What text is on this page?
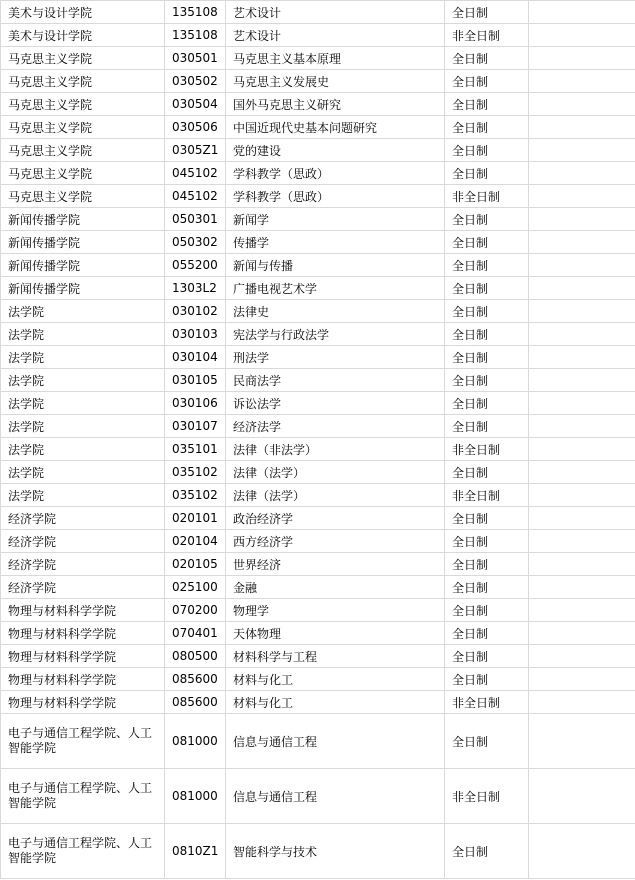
美术与设计学院	135108	艺术设计	全日制	
美术与设计学院	135108	艺术设计	非全日制	
马克思主义学院	030501	马克思主义基本原理	全日制	
马克思主义学院	030502	马克思主义发展史	全日制	
马克思主义学院	030504	国外马克思主义研究	全日制	
马克思主义学院	030506	中国近现代史基本问题研究	全日制	
马克思主义学院	0305Z1	党的建设	全日制	
马克思主义学院	045102	学科教学（思政）	全日制	
马克思主义学院	045102	学科教学（思政）	非全日制	
新闻传播学院	050301	新闻学	全日制	
新闻传播学院	050302	传播学	全日制	
新闻传播学院	055200	新闻与传播	全日制	
新闻传播学院	1303L2	广播电视艺术学	全日制	
法学院	030102	法律史	全日制	
法学院	030103	宪法学与行政法学	全日制	
法学院	030104	刑法学	全日制	
法学院	030105	民商法学	全日制	
法学院	030106	诉讼法学	全日制	
法学院	030107	经济法学	全日制	
法学院	035101	法律（非法学）	非全日制	
法学院	035102	法律（法学）	全日制	
法学院	035102	法律（法学）	非全日制	
经济学院	020101	政治经济学	全日制	
经济学院	020104	西方经济学	全日制	
经济学院	020105	世界经济	全日制	
经济学院	025100	金融	全日制	
物理与材料科学学院	070200	物理学	全日制	
物理与材料科学学院	070401	天体物理	全日制	
物理与材料科学学院	080500	材料科学与工程	全日制	
物理与材料科学学院	085600	材料与化工	全日制	
物理与材料科学学院	085600	材料与化工	非全日制	
电子与通信工程学院、人工智能学院	081000	信息与通信工程	全日制	
电子与通信工程学院、人工智能学院	081000	信息与通信工程	非全日制	
电子与通信工程学院、人工智能学院	0810Z1	智能科学与技术	全日制	
